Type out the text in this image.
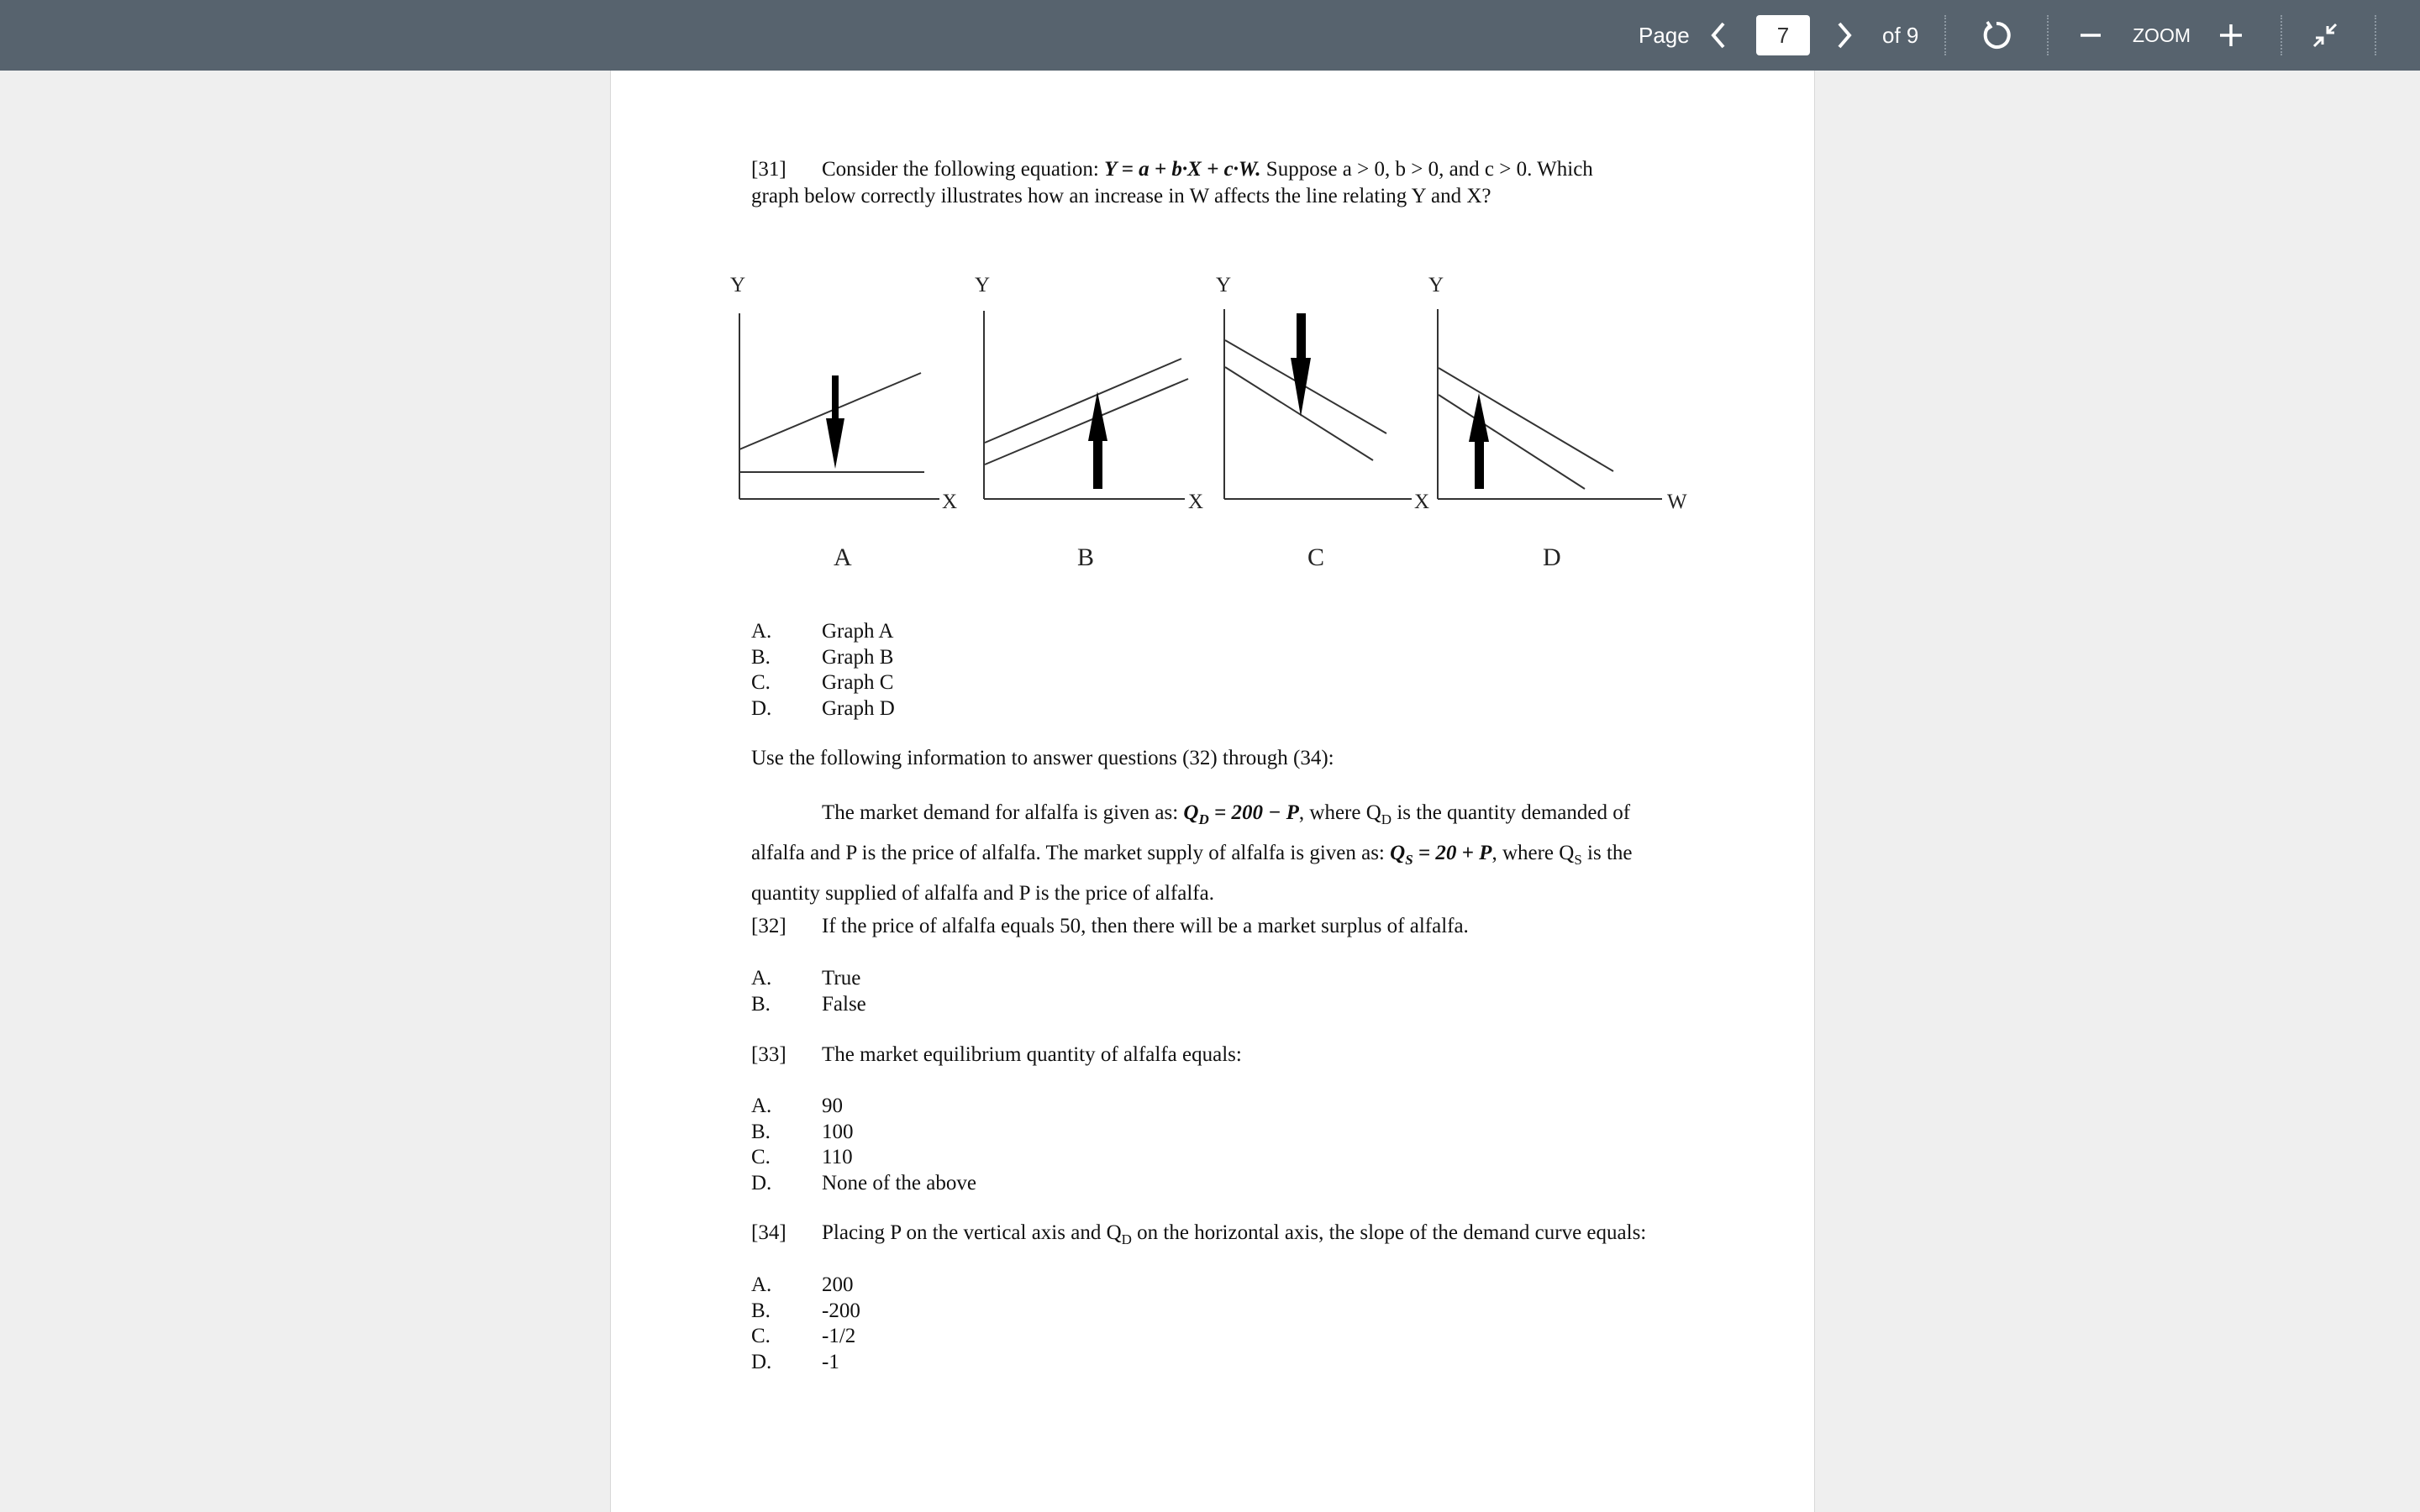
Page
7	of 9	ZOOM
[31] Consider the following equation: Y = a + b·X + c·W. Suppose a > 0, b > 0, and c > 0. Which
graph below correctly illustrates how an increase in W affects the line relating Y and X?
Y	Y	Y	Y
X	X	X	W
A	B	C	D
A.	Graph A
B.	Graph B
C.	Graph C
D.	Graph D
Use the following information to answer questions (32) through (34):
The market demand for alfalfa is given as: $Q_D = 200 - P$, where $Q_D$ is the quantity demanded of
alfalfa and P is the price of alfalfa. The market supply of alfalfa is given as: $Q_S = 20 + P$, where $Q_S$ is the
quantity supplied of alfalfa and P is the price of alfalfa.
[32] If the price of alfalfa equals 50, then there will be a market surplus of alfalfa.
A.	True
B.	False
[33] The market equilibrium quantity of alfalfa equals:
A.	90
B.	100
C.	110
D.	None of the above
[34] Placing P on the vertical axis and $Q_D$ on the horizontal axis, the slope of the demand curve equals:
A.	200
B.	-200
C.	-1/2
D.	-1
